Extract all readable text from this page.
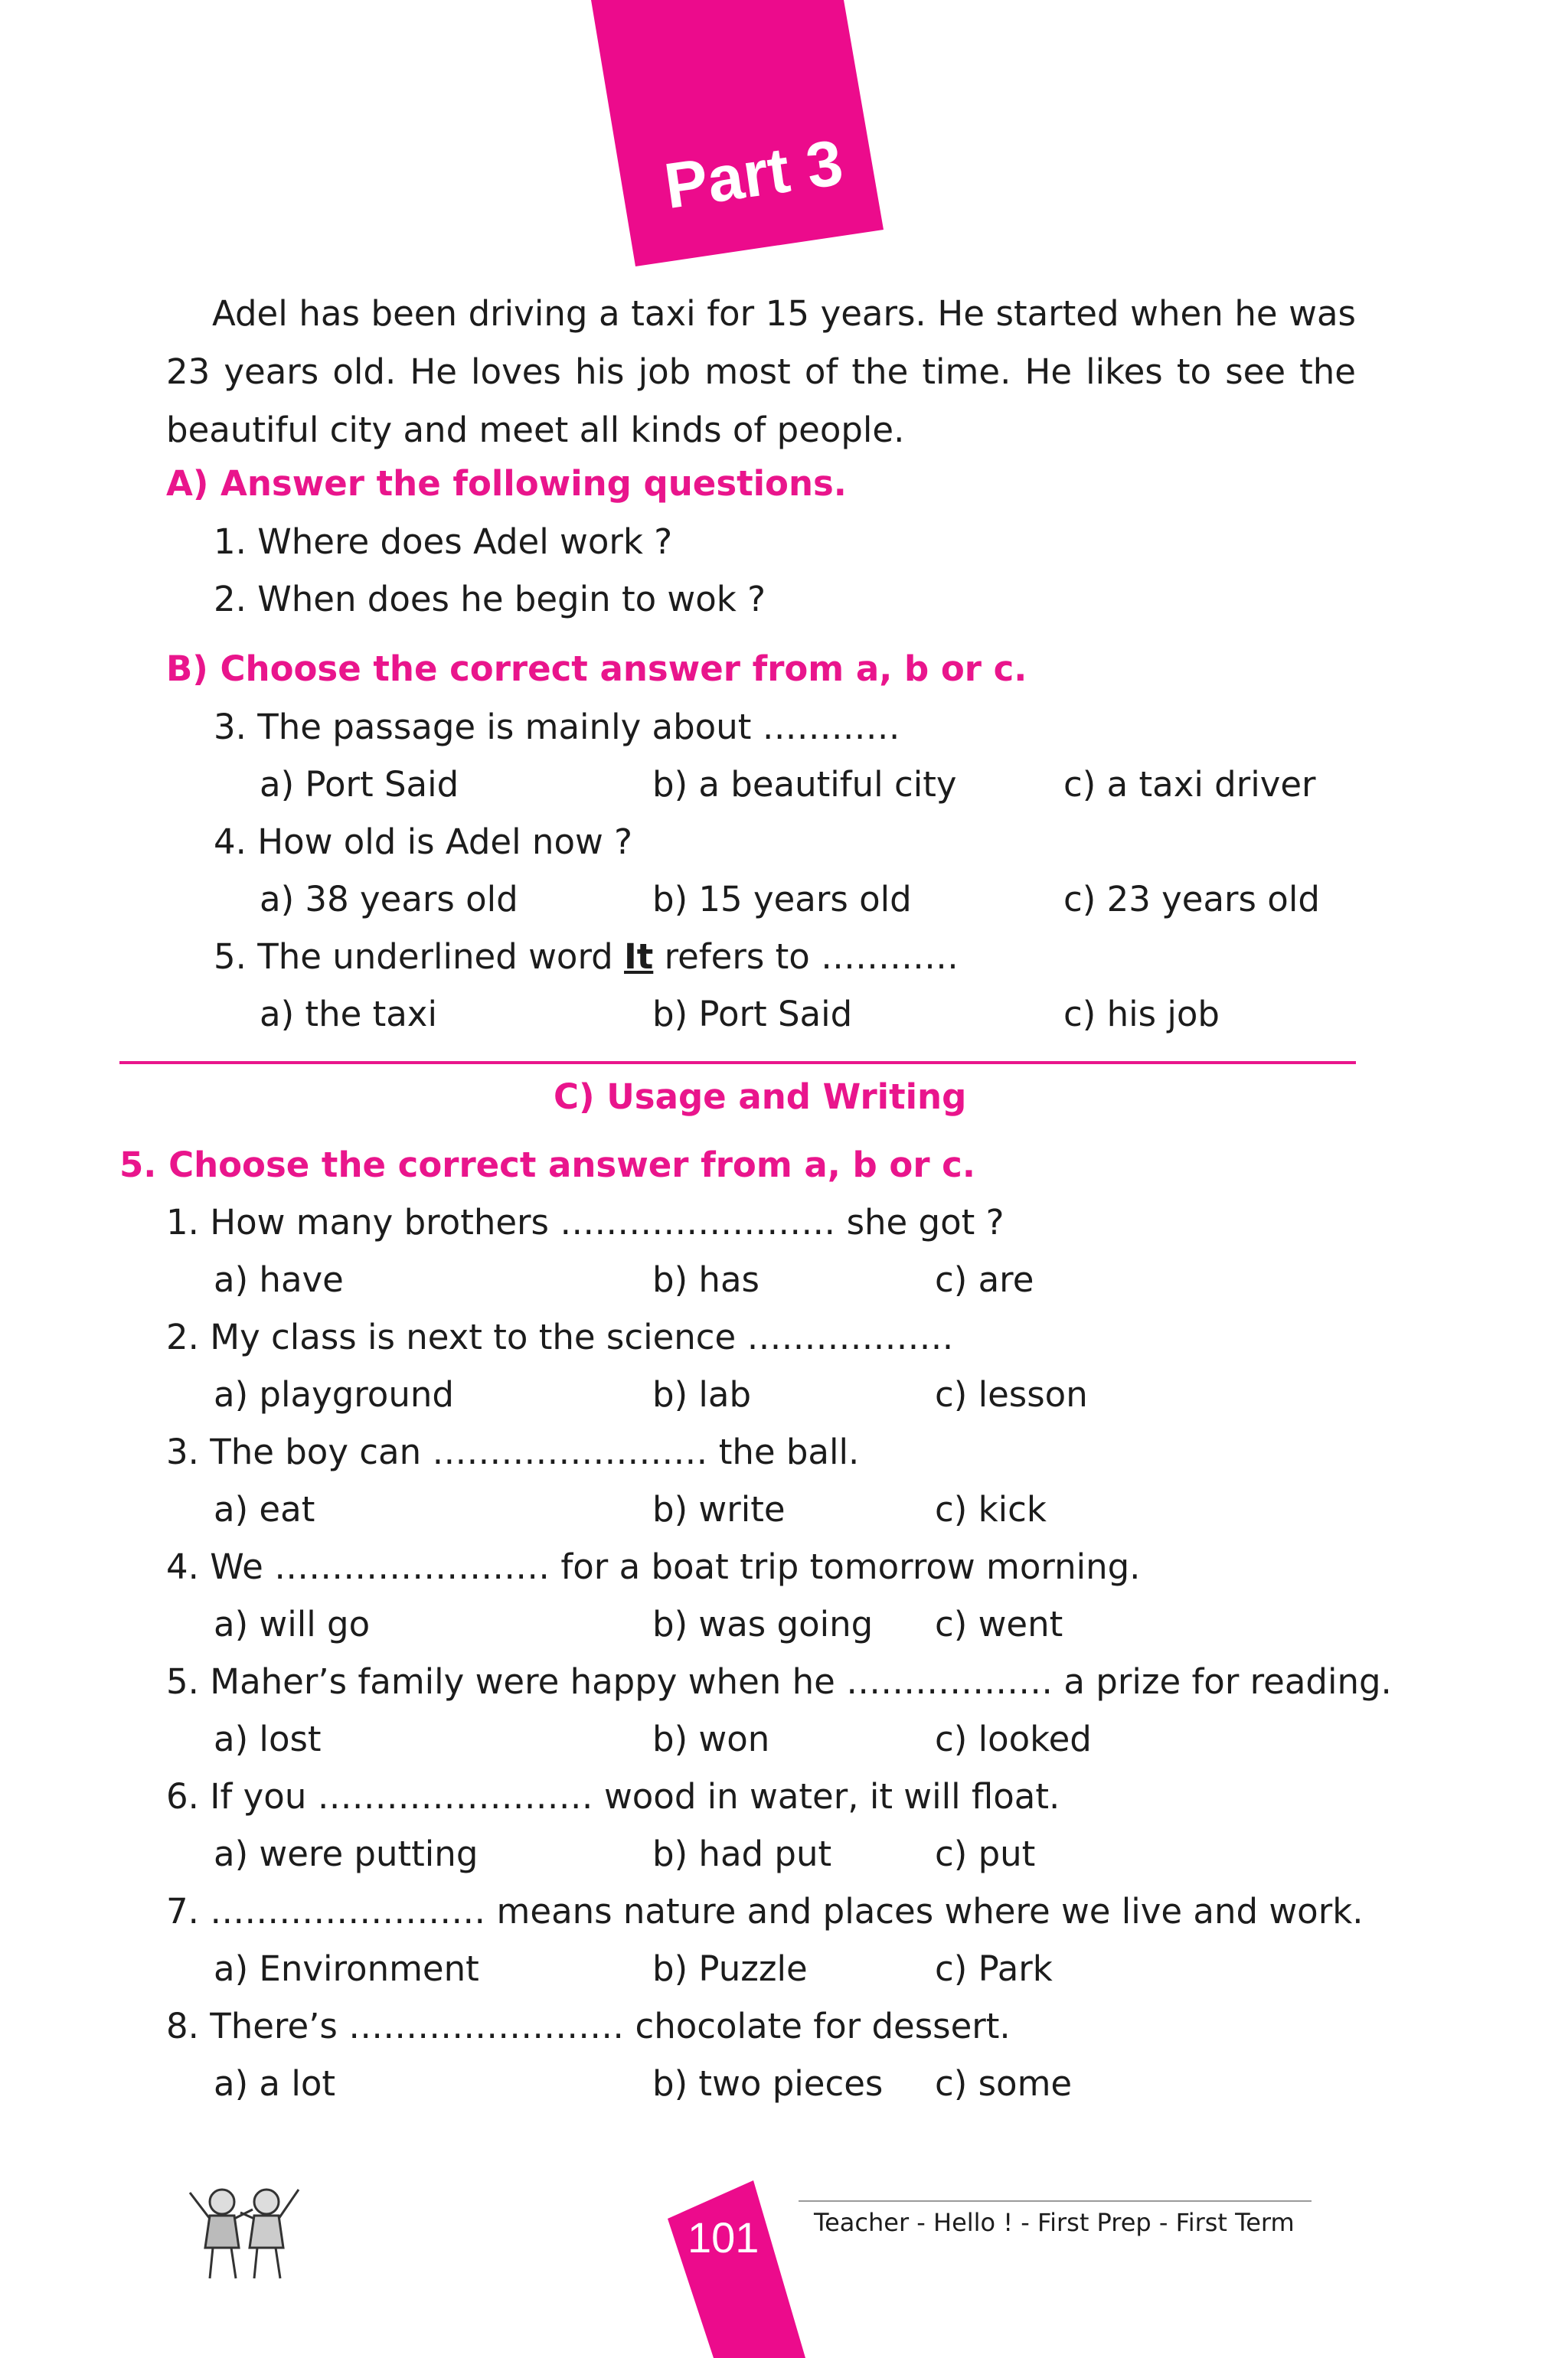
Part 3
Adel has been driving a taxi for 15 years. He started when he was 23 years old. He loves his job most of the time. He likes to see the beautiful city and meet all kinds of people.
A) Answer the following questions.
1. Where does Adel work ?
2. When does he begin to wok ?
B) Choose the correct answer from a, b or c.
3. The passage is mainly about …………
a) Port Said	b) a beautiful city	c) a taxi driver
4. How old is Adel now ?
a) 38 years old	b) 15 years old	c) 23 years old
5. The underlined word It refers to …………
a) the taxi	b) Port Said	c) his job
C) Usage and Writing
5. Choose the correct answer from a, b or c.
1. How many brothers …………………… she got ?
a) have	b) has	c) are
2. My class is next to the science ………………
a) playground	b) lab	c) lesson
3. The boy can …………………… the ball.
a) eat	b) write	c) kick
4. We …………………… for a boat trip tomorrow morning.
a) will go	b) was going c) went
5. Maher’s family were happy when he ……………… a prize for reading.
a) lost	b) won	c) looked
6. If you …………………… wood in water, it will float.
a) were putting	b) had put	c) put
7. …………………… means nature and places where we live and work.
a) Environment	b) Puzzle	c) Park
8. There’s …………………… chocolate for dessert.
a) a lot	b) two pieces c) some
101 Teacher - Hello ! - First Prep - First Term
